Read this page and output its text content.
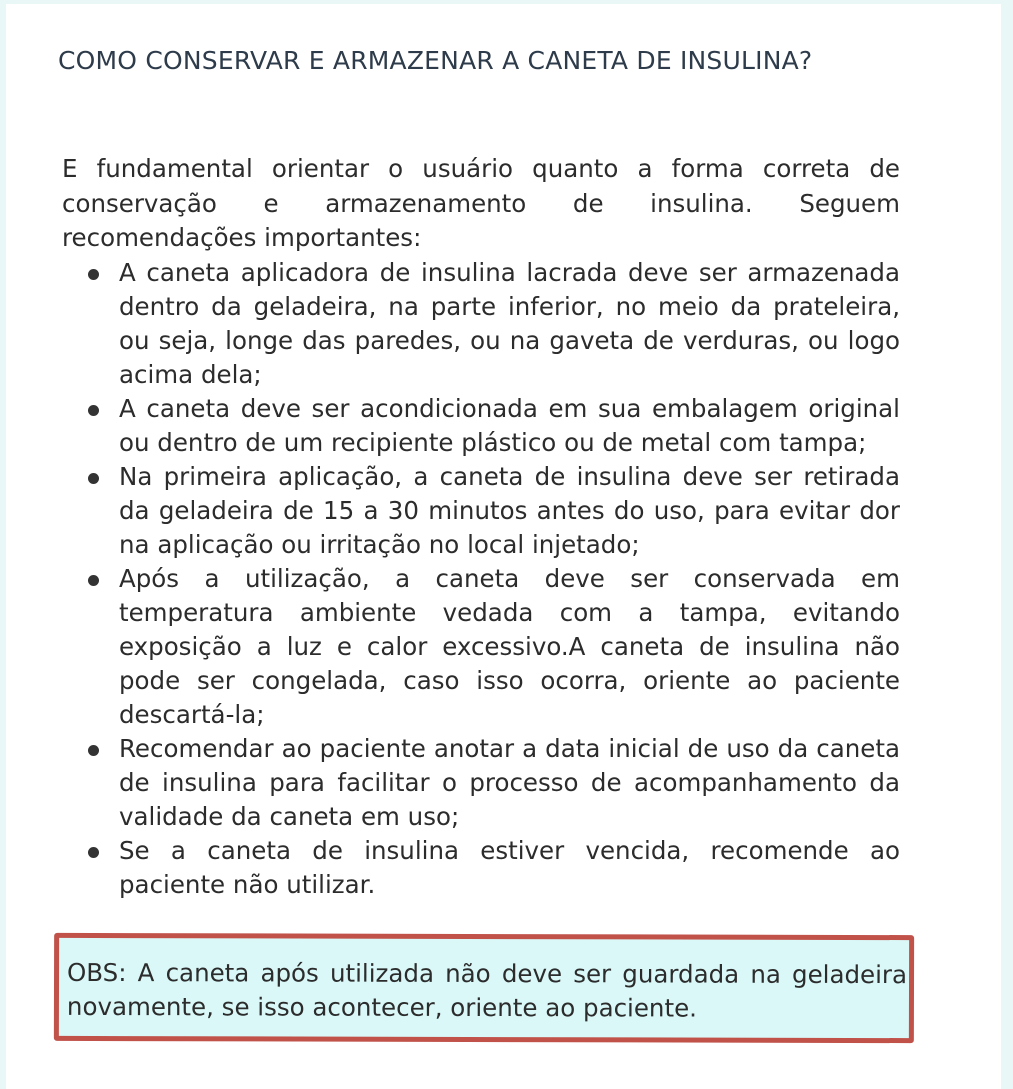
COMO CONSERVAR E ARMAZENAR A CANETA DE INSULINA?

E fundamental orientar o usuário quanto a forma correta de conservação e armazenamento de insulina. Seguem recomendações importantes:

A caneta aplicadora de insulina lacrada deve ser armazenada dentro da geladeira, na parte inferior, no meio da prateleira, ou seja, longe das paredes, ou na gaveta de verduras, ou logo acima dela;
A caneta deve ser acondicionada em sua embalagem original ou dentro de um recipiente plástico ou de metal com tampa;
Na primeira aplicação, a caneta de insulina deve ser retirada da geladeira de 15 a 30 minutos antes do uso, para evitar dor na aplicação ou irritação no local injetado;
Após a utilização, a caneta deve ser conservada em temperatura ambiente vedada com a tampa, evitando exposição a luz e calor excessivo.A caneta de insulina não pode ser congelada, caso isso ocorra, oriente ao paciente descartá-la;
Recomendar ao paciente anotar a data inicial de uso da caneta de insulina para facilitar o processo de acompanhamento da validade da caneta em uso;
Se a caneta de insulina estiver vencida, recomende ao paciente não utilizar.

OBS: A caneta após utilizada não deve ser guardada na geladeira novamente, se isso acontecer, oriente ao paciente.
